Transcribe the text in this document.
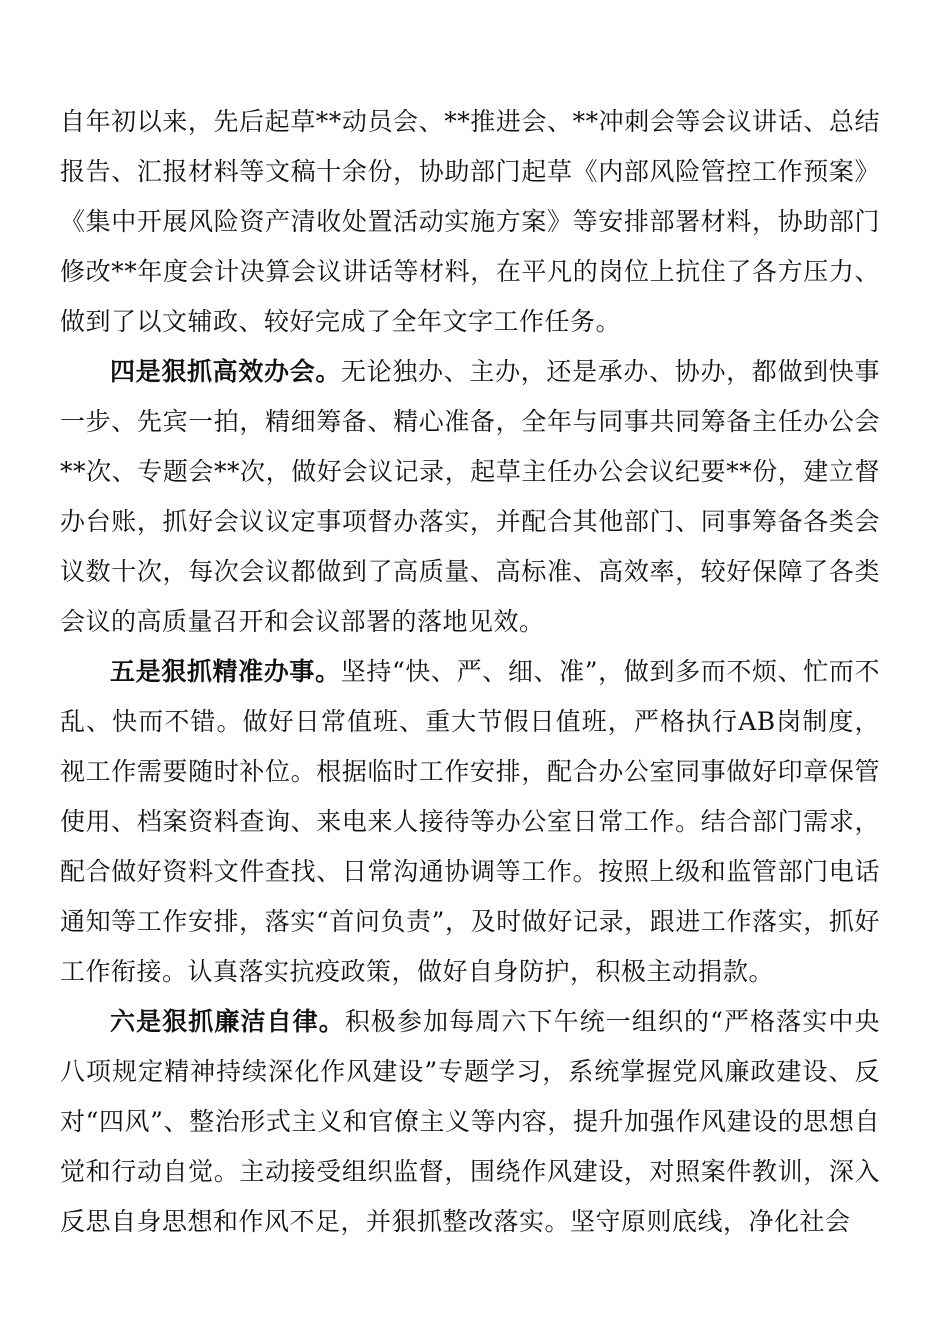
自年初以来，先后起草**动员会、**推进会、**冲刺会等会议讲话、总结报告、汇报材料等文稿十余份，协助部门起草《内部风险管控工作预案》《集中开展风险资产清收处置活动实施方案》等安排部署材料，协助部门修改**年度会计决算会议讲话等材料，在平凡的岗位上抗住了各方压力、做到了以文辅政、较好完成了全年文字工作任务。

四是狠抓高效办会。无论独办、主办，还是承办、协办，都做到快事一步、先宾一拍，精细筹备、精心准备，全年与同事共同筹备主任办公会**次、专题会**次，做好会议记录，起草主任办公会议纪要**份，建立督办台账，抓好会议议定事项督办落实，并配合其他部门、同事筹备各类会议数十次，每次会议都做到了高质量、高标准、高效率，较好保障了各类会议的高质量召开和会议部署的落地见效。

五是狠抓精准办事。坚持“快、严、细、准”，做到多而不烦、忙而不乱、快而不错。做好日常值班、重大节假日值班，严格执行AB岗制度，视工作需要随时补位。根据临时工作安排，配合办公室同事做好印章保管使用、档案资料查询、来电来人接待等办公室日常工作。结合部门需求，配合做好资料文件查找、日常沟通协调等工作。按照上级和监管部门电话通知等工作安排，落实“首问负责”，及时做好记录，跟进工作落实，抓好工作衔接。认真落实抗疫政策，做好自身防护，积极主动捐款。

六是狠抓廉洁自律。积极参加每周六下午统一组织的“严格落实中央八项规定精神持续深化作风建设”专题学习，系统掌握党风廉政建设、反对“四风”、整治形式主义和官僚主义等内容，提升加强作风建设的思想自觉和行动自觉。主动接受组织监督，围绕作风建设，对照案件教训，深入反思自身思想和作风不足，并狠抓整改落实。坚守原则底线，净化社会
